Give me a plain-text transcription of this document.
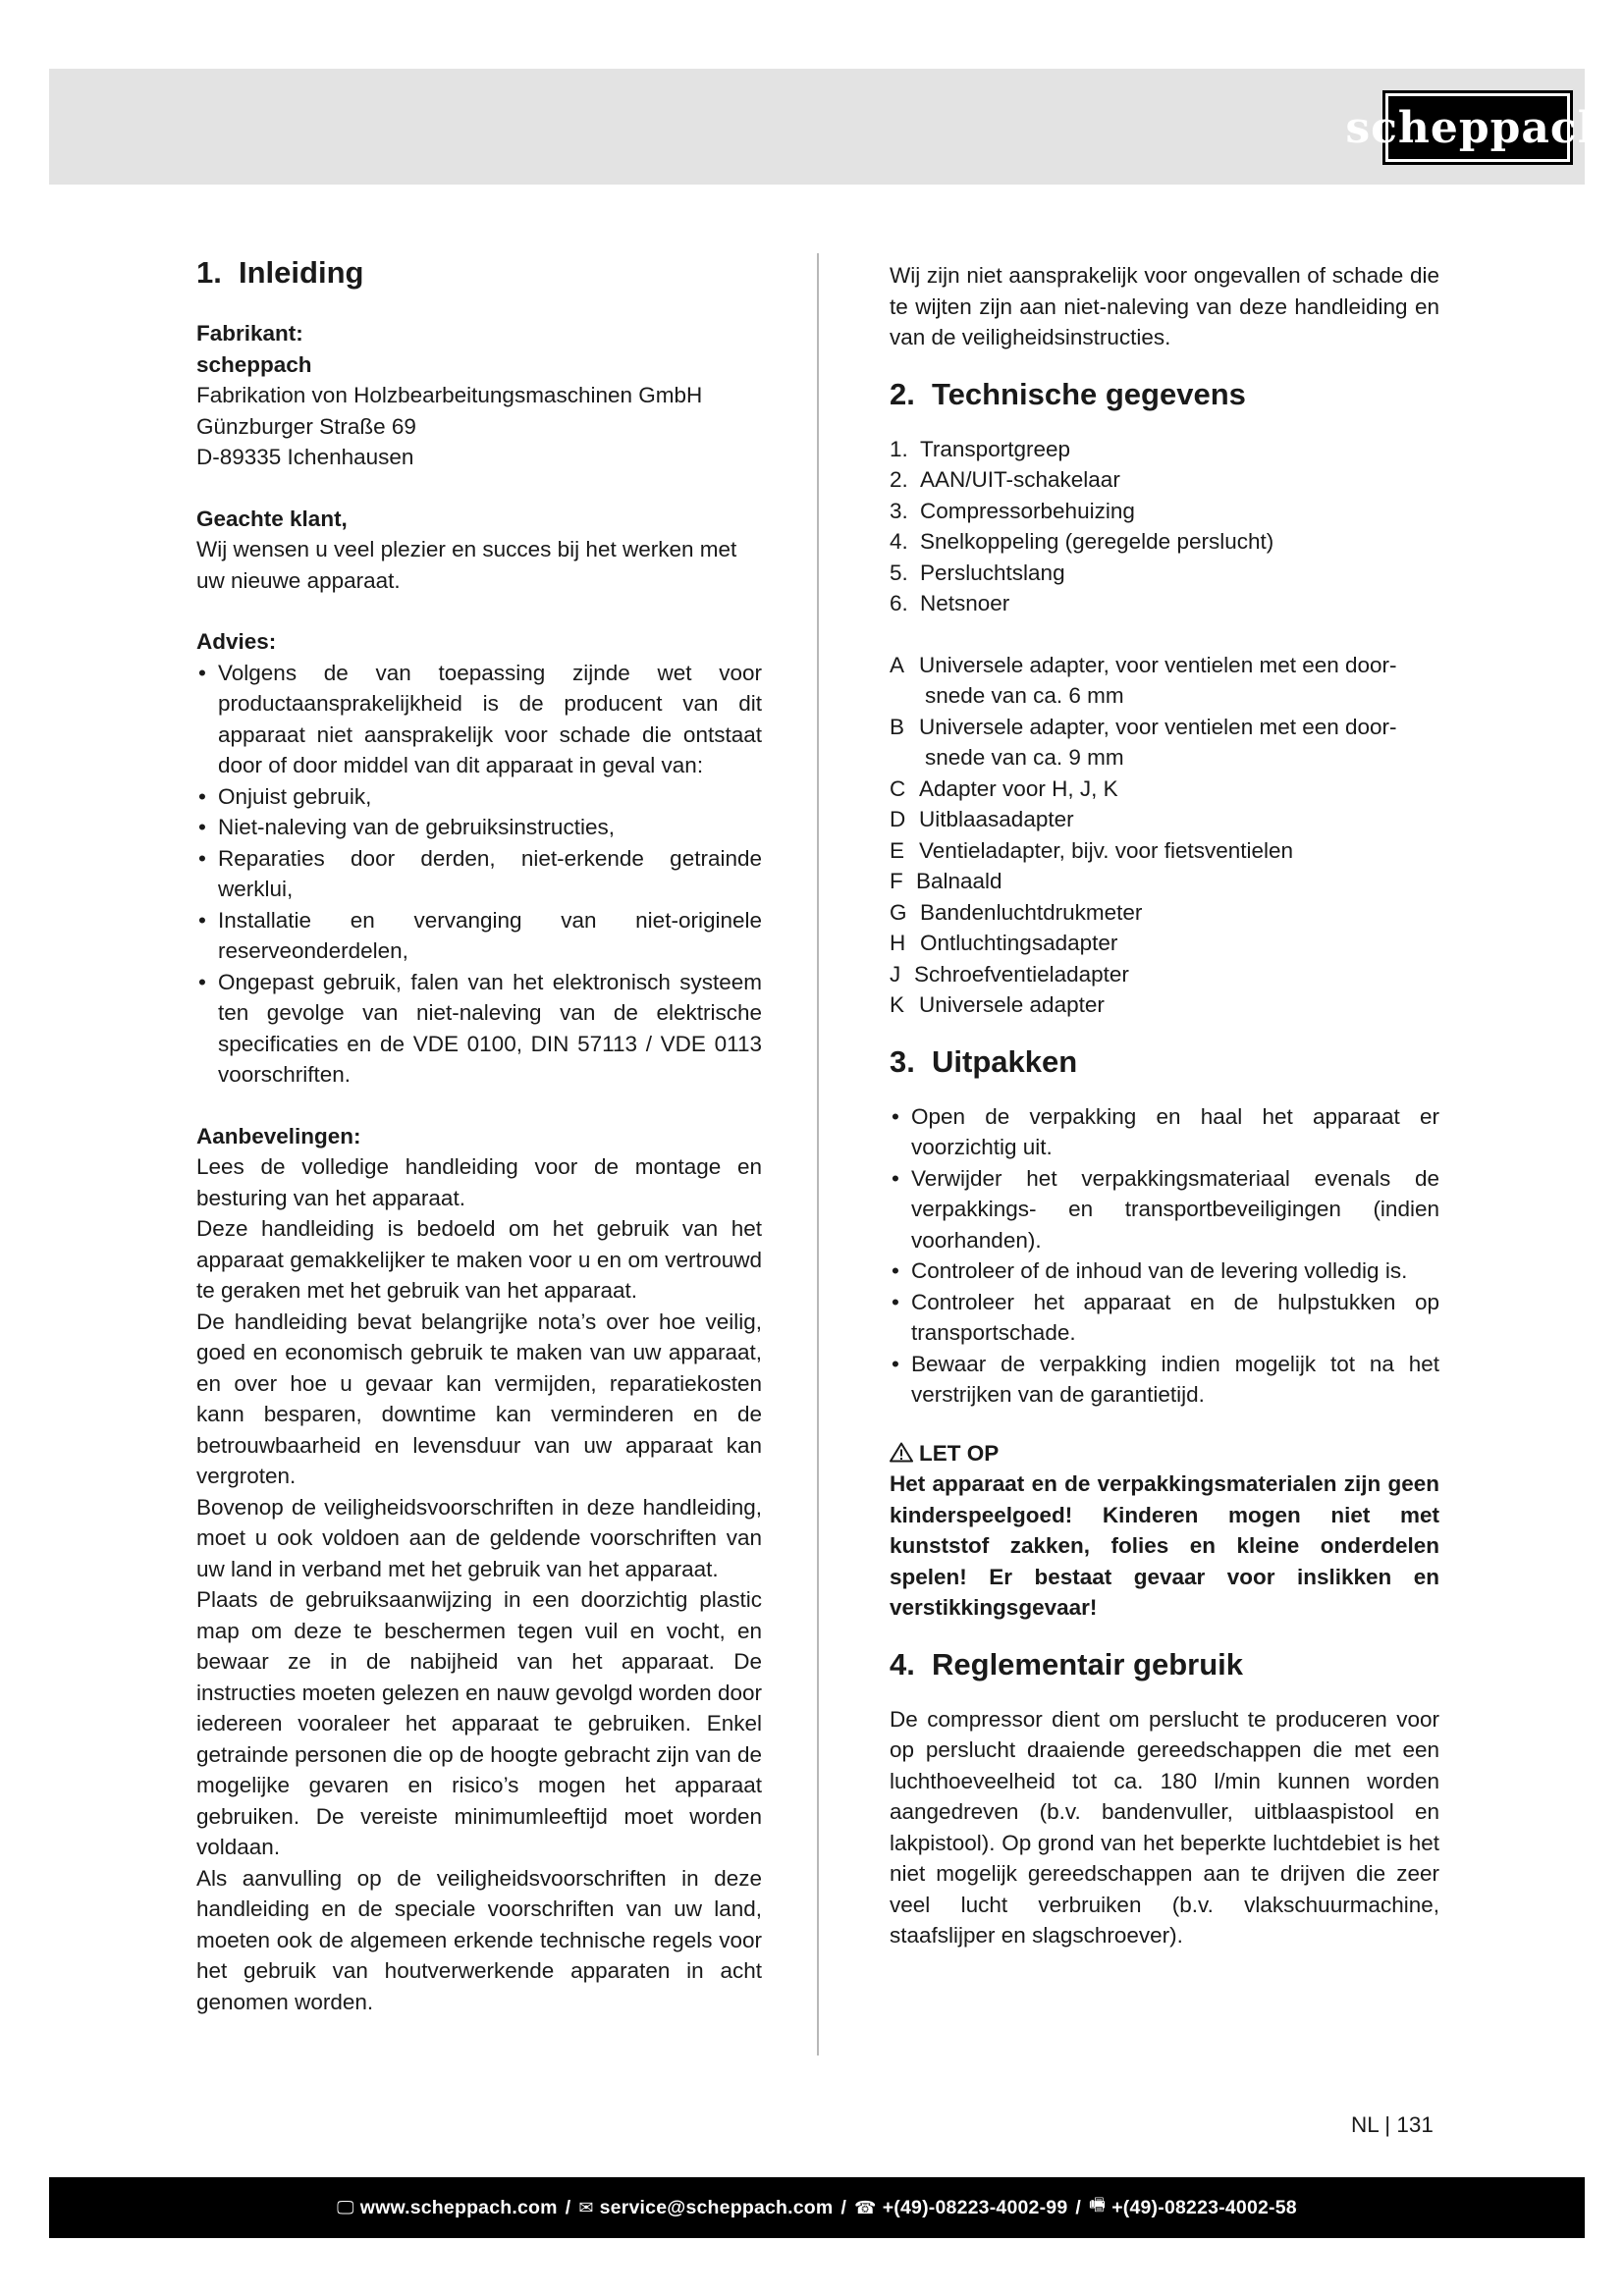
scheppach
1. Inleiding

Fabrikant:

scheppach

Fabrikation von Holzbearbeitungsmaschinen GmbH

Günzburger Straße 69

D-89335 Ichenhausen

Geachte klant,

Wij wensen u veel plezier en succes bij het werken met uw nieuwe apparaat.

Advies:

• Volgens de van toepassing zijnde wet voor productaansprakelijkheid is de producent van dit apparaat niet aansprakelijk voor schade die ontstaat door of door middel van dit apparaat in geval van:
• Onjuist gebruik,
• Niet-naleving van de gebruiksinstructies,
• Reparaties door derden, niet-erkende getrainde werklui,
• Installatie en vervanging van niet-originele reserveonderdelen,
• Ongepast gebruik, falen van het elektronisch systeem ten gevolge van niet-naleving van de elektrische specificaties en de VDE 0100, DIN 57113 / VDE 0113 voorschriften.

Aanbevelingen:

Lees de volledige handleiding voor de montage en besturing van het apparaat.

Deze handleiding is bedoeld om het gebruik van het apparaat gemakkelijker te maken voor u en om vertrouwd te geraken met het gebruik van het apparaat.

De handleiding bevat belangrijke nota’s over hoe veilig, goed en economisch gebruik te maken van uw apparaat, en over hoe u gevaar kan vermijden, reparatiekosten kann besparen, downtime kan verminderen en de betrouwbaarheid en levensduur van uw apparaat kan vergroten.

Bovenop de veiligheidsvoorschriften in deze handleiding, moet u ook voldoen aan de geldende voorschriften van uw land in verband met het gebruik van het apparaat.

Plaats de gebruiksaanwijzing in een doorzichtig plastic map om deze te beschermen tegen vuil en vocht, en bewaar ze in de nabijheid van het apparaat. De instructies moeten gelezen en nauw gevolgd worden door iedereen vooraleer het apparaat te gebruiken. Enkel getrainde personen die op de hoogte gebracht zijn van de mogelijke gevaren en risico’s mogen het apparaat gebruiken. De vereiste minimumleeftijd moet worden voldaan.

Als aanvulling op de veiligheidsvoorschriften in deze handleiding en de speciale voorschriften van uw land, moeten ook de algemeen erkende technische regels voor het gebruik van houtverwerkende apparaten in acht genomen worden.

Wij zijn niet aansprakelijk voor ongevallen of schade die te wijten zijn aan niet-naleving van deze handleiding en van de veiligheidsinstructies.

2. Technische gegevens
1. Transportgreep
2. AAN/UIT-schakelaar
3. Compressorbehuizing
4. Snelkoppeling (geregelde perslucht)
5. Persluchtslang
6. Netsnoer
A Universele adapter, voor ventielen met een door-
snede van ca. 6 mm
B Universele adapter, voor ventielen met een door-
snede van ca. 9 mm
C Adapter voor H, J, K
D Uitblaasadapter
E Ventieladapter, bijv. voor fietsventielen
F Balnaald
G Bandenluchtdrukmeter
H Ontluchtingsadapter
J Schroefventieladapter
K Universele adapter
3. Uitpakken
• Open de verpakking en haal het apparaat er voorzichtig uit.
• Verwijder het verpakkingsmateriaal evenals de verpakkings- en transportbeveiligingen (indien voorhanden).
• Controleer of de inhoud van de levering volledig is.
• Controleer het apparaat en de hulpstukken op transportschade.
• Bewaar de verpakking indien mogelijk tot na het verstrijken van de garantietijd.

LET OP

Het apparaat en de verpakkingsmaterialen zijn geen kinderspeelgoed! Kinderen mogen niet met kunststof zakken, folies en kleine onderdelen spelen! Er bestaat gevaar voor inslikken en verstikkingsgevaar!

4. Reglementair gebruik

De compressor dient om perslucht te produceren voor op perslucht draaiende gereedschappen die met een luchthoeveelheid tot ca. 180 l/min kunnen worden aangedreven (b.v. bandenvuller, uitblaaspistool en lakpistool). Op grond van het beperkte luchtdebiet is het niet mogelijk gereedschappen aan te drijven die zeer veel lucht verbruiken (b.v. vlakschuurmachine, staafslijper en slagschroever).

NL | 131
🖵 www.scheppach.com / ✉ service@scheppach.com / ☎ +(49)-08223-4002-99 / 🖷 +(49)-08223-4002-58
